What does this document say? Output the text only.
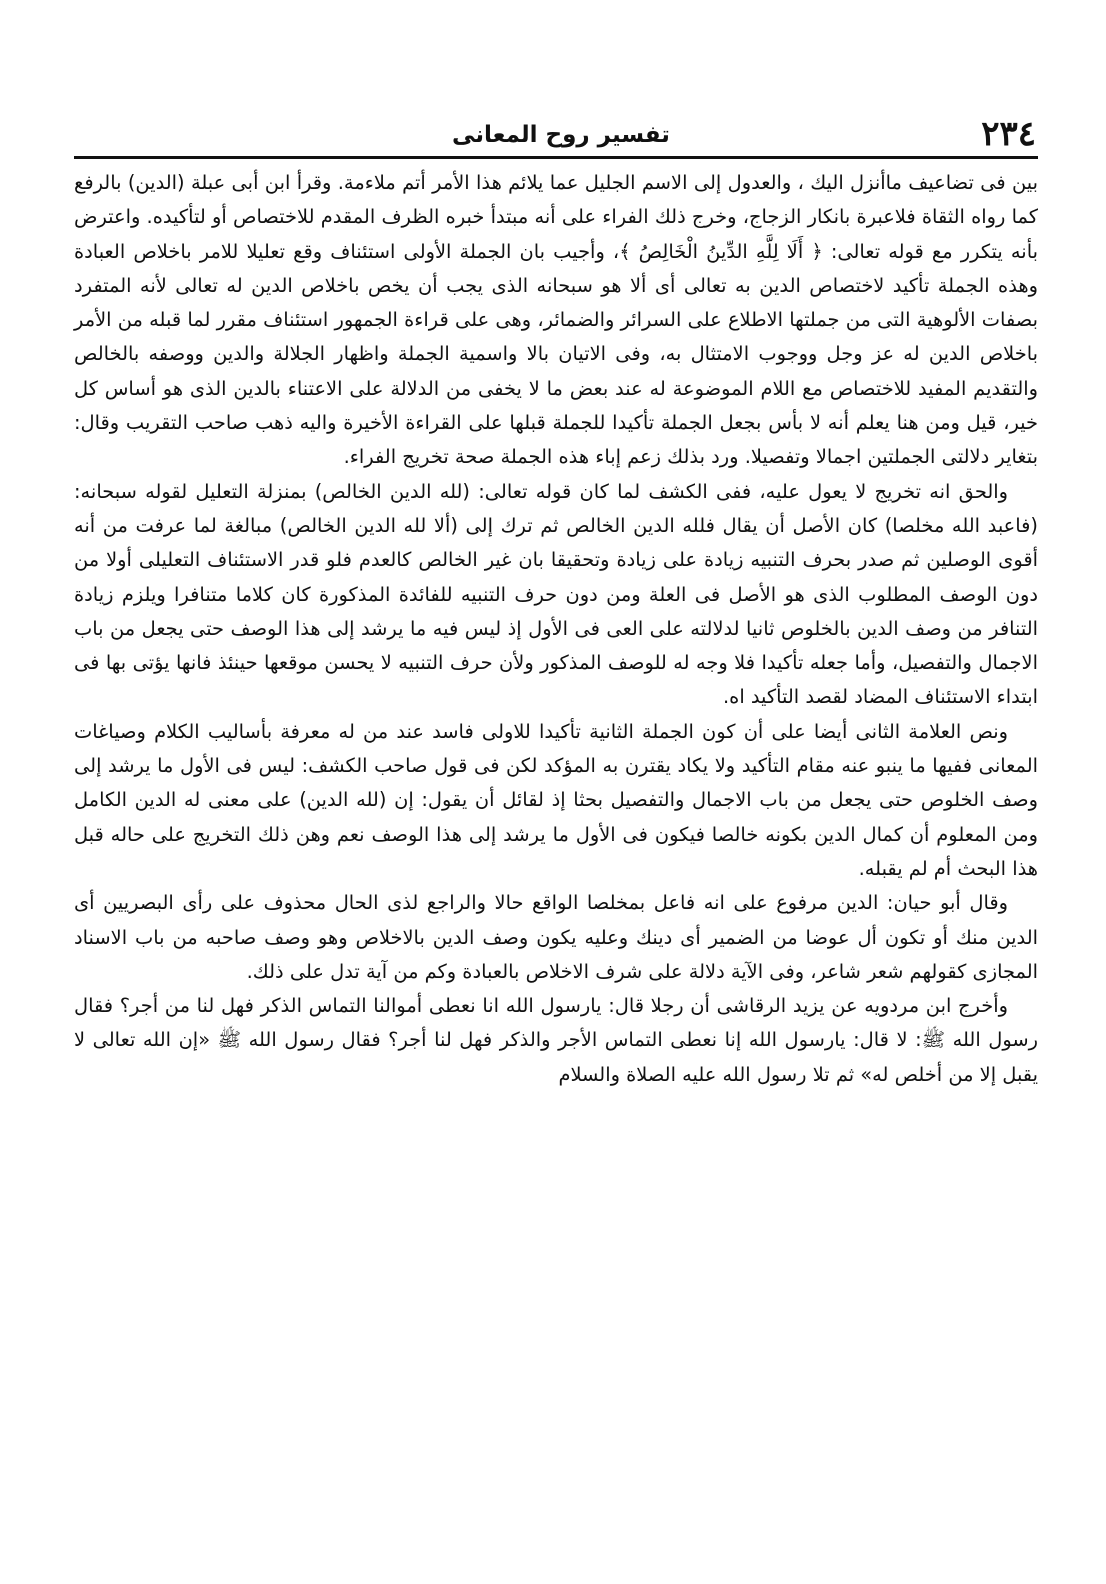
٢٣٤
تفسير روح المعانى

بين فى تضاعيف ماأنزل اليك ، والعدول إلى الاسم الجليل عما يلائم هذا الأمر أتم ملاءمة. وقرأ ابن أبى عبلة (الدين) بالرفع كما رواه الثقاة فلاعبرة بانكار الزجاج، وخرج ذلك الفراء على أنه مبتدأ خبره الظرف المقدم للاختصاص أو لتأكيده. واعترض بأنه يتكرر مع قوله تعالى: ﴿ أَلَا لِلَّهِ الدِّينُ الْخَالِصُ ﴾، وأجيب بان الجملة الأولى استئناف وقع تعليلا للامر باخلاص العبادة وهذه الجملة تأكيد لاختصاص الدين به تعالى أى ألا هو سبحانه الذى يجب أن يخص باخلاص الدين له تعالى لأنه المتفرد بصفات الألوهية التى من جملتها الاطلاع على السرائر والضمائر، وهى على قراءة الجمهور استئناف مقرر لما قبله من الأمر باخلاص الدين له عز وجل ووجوب الامتثال به، وفى الاتيان بالا واسمية الجملة واظهار الجلالة والدين ووصفه بالخالص والتقديم المفيد للاختصاص مع اللام الموضوعة له عند بعض ما لا يخفى من الدلالة على الاعتناء بالدين الذى هو أساس كل خير، قيل ومن هنا يعلم أنه لا بأس بجعل الجملة تأكيدا للجملة قبلها على القراءة الأخيرة واليه ذهب صاحب التقريب وقال: بتغاير دلالتى الجملتين اجمالا وتفصيلا. ورد بذلك زعم إباء هذه الجملة صحة تخريج الفراء.

والحق انه تخريج لا يعول عليه، ففى الكشف لما كان قوله تعالى: (لله الدين الخالص) بمنزلة التعليل لقوله سبحانه: (فاعبد الله مخلصا) كان الأصل أن يقال فلله الدين الخالص ثم ترك إلى (ألا لله الدين الخالص) مبالغة لما عرفت من أنه أقوى الوصلين ثم صدر بحرف التنبيه زيادة على زيادة وتحقيقا بان غير الخالص كالعدم فلو قدر الاستئناف التعليلى أولا من دون الوصف المطلوب الذى هو الأصل فى العلة ومن دون حرف التنبيه للفائدة المذكورة كان كلاما متنافرا ويلزم زيادة التنافر من وصف الدين بالخلوص ثانيا لدلالته على العى فى الأول إذ ليس فيه ما يرشد إلى هذا الوصف حتى يجعل من باب الاجمال والتفصيل، وأما جعله تأكيدا فلا وجه له للوصف المذكور ولأن حرف التنبيه لا يحسن موقعها حينئذ فانها يؤتى بها فى ابتداء الاستئناف المضاد لقصد التأكيد اه.

ونص العلامة الثانى أيضا على أن كون الجملة الثانية تأكيدا للاولى فاسد عند من له معرفة بأساليب الكلام وصياغات المعانى ففيها ما ينبو عنه مقام التأكيد ولا يكاد يقترن به المؤكد لكن فى قول صاحب الكشف: ليس فى الأول ما يرشد إلى وصف الخلوص حتى يجعل من باب الاجمال والتفصيل بحثا إذ لقائل أن يقول: إن (لله الدين) على معنى له الدين الكامل ومن المعلوم أن كمال الدين بكونه خالصا فيكون فى الأول ما يرشد إلى هذا الوصف نعم وهن ذلك التخريج على حاله قبل هذا البحث أم لم يقبله.

وقال أبو حيان: الدين مرفوع على انه فاعل بمخلصا الواقع حالا والراجع لذى الحال محذوف على رأى البصريين أى الدين منك أو تكون أل عوضا من الضمير أى دينك وعليه يكون وصف الدين بالاخلاص وهو وصف صاحبه من باب الاسناد المجازى كقولهم شعر شاعر، وفى الآية دلالة على شرف الاخلاص بالعبادة وكم من آية تدل على ذلك.

وأخرج ابن مردويه عن يزيد الرقاشى أن رجلا قال: يارسول الله انا نعطى أموالنا التماس الذكر فهل لنا من أجر؟ فقال رسول الله ﷺ: لا قال: يارسول الله إنا نعطى التماس الأجر والذكر فهل لنا أجر؟ فقال رسول الله ﷺ «إن الله تعالى لا يقبل إلا من أخلص له» ثم تلا رسول الله عليه الصلاة والسلام
